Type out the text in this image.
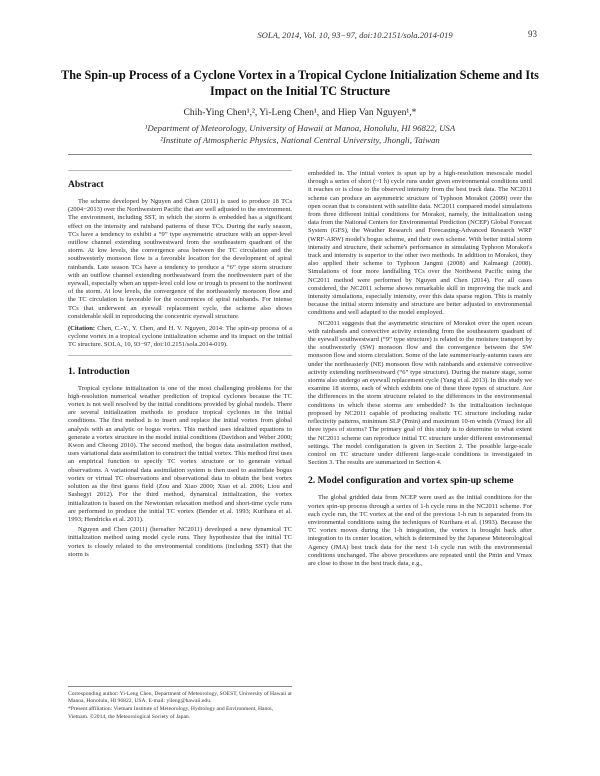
SOLA, 2014, Vol. 10, 93−97, doi:10.2151/sola.2014-019	93
The Spin-up Process of a Cyclone Vortex in a Tropical Cyclone Initialization Scheme and Its Impact on the Initial TC Structure
Chih-Ying Chen¹,², Yi-Leng Chen¹, and Hiep Van Nguyen¹,*
¹Department of Meteorology, University of Hawaii at Manoa, Honolulu, HI 96822, USA
²Institute of Atmospheric Physics, National Central University, Jhongli, Taiwan
Abstract

The scheme developed by Nguyen and Chen (2011) is used to produce 18 TCs (2004−2013) over the Northwestern Pacific that are well adjusted to the environment. The environment, including SST, in which the storm is embedded has a significant effect on the intensity and rainband patterns of these TCs. During the early season, TCs have a tendency to exhibit a “9” type asymmetric structure with an upper-level outflow channel extending southwestward from the southeastern quadrant of the storm. At low levels, the convergence area between the TC circulation and the southwesterly monsoon flow is a favorable location for the development of spiral rainbands. Late season TCs have a tendency to produce a “6” type storm structure with an outflow channel extending northeastward from the northwestern part of the eyewall, especially when an upper-level cold low or trough is present to the northwest of the storm. At low levels, the convergence of the northeasterly monsoon flow and the TC circulation is favorable for the occurrences of spiral rainbands. For intense TCs that underwent an eyewall replacement cycle, the scheme also shows considerable skill in reproducing the concentric eyewall structure.

(Citation: Chen, C.-Y., Y. Chen, and H. V. Nguyen, 2014: The spin-up process of a cyclone vortex in a tropical cyclone initialization scheme and its impact on the initial TC structure. SOLA, 10, 93−97, doi:10.2151/sola.2014-019).

1. Introduction

Tropical cyclone initialization is one of the most challenging problems for the high-resolution numerical weather prediction of tropical cyclones because the TC vortex is not well resolved by the initial conditions provided by global models. There are several initialization methods to produce tropical cyclones in the initial conditions. The first method is to insert and replace the initial vortex from global analysis with an analytic or bogus vortex. This method uses idealized equations to generate a vortex structure in the model initial conditions (Davidson and Weber 2000; Kwon and Cheong 2010). The second method, the bogus data assimilation method, uses variational data assimilation to construct the initial vortex. This method first uses an empirical function to specify TC vortex structure or to generate virtual observations. A variational data assimilation system is then used to assimilate bogus vortex or virtual TC observations and observational data to obtain the best vortex solution as the first guess field (Zou and Xiao 2000; Xiao et al. 2006; Liou and Sashegyi 2012). For the third method, dynamical initialization, the vortex initialization is based on the Newtonian relaxation method and short-time cycle runs are performed to produce the initial TC vortex (Bender et al. 1993; Kurihara et al. 1993; Hendricks et al. 2011).

Nguyen and Chen (2011) (hereafter NC2011) developed a new dynamical TC initialization method using model cycle runs. They hypothesize that the initial TC vortex is closely related to the environmental conditions (including SST) that the storm is

Corresponding author: Yi-Leng Chen, Department of Meteorology, SOEST, University of Hawaii at Manoa, Honolulu, HI 96822, USA. E-mail: yileng@hawaii.edu.

*Present affiliation: Vietnam Institute of Meteorology, Hydrology and Environment, Hanoi, Vietnam. ©2014, the Meteorological Society of Japan.

embedded in. The initial vortex is spun up by a high-resolution mesoscale model through a series of short (~1 h) cycle runs under given environmental conditions until it reaches or is close to the observed intensity from the best track data. The NC2011 scheme can produce an asymmetric structure of Typhoon Morakot (2009) over the open ocean that is consistent with satellite data. NC2011 compared model simulations from three different initial conditions for Morakot, namely, the initialization using data from the National Centers for Environmental Prediction (NCEP) Global Forecast System (GFS), the Weather Research and Forecasting-Advanced Research WRF (WRF-ARW) model's bogus scheme, and their own scheme. With better initial storm intensity and structure, their scheme's performance in simulating Typhoon Morakot's track and intensity is superior to the other two methods. In addition to Morakot, they also applied their scheme to Typhoon Jangmi (2008) and Kalmaegi (2008). Simulations of four more landfalling TCs over the Northwest Pacific using the NC2011 method were performed by Nguyen and Chen (2014). For all cases considered, the NC2011 scheme shows remarkable skill in improving the track and intensity simulations, especially intensity, over this data sparse region. This is mainly because the initial storm intensity and structure are better adjusted to environmental conditions and well adapted to the model employed.

NC2011 suggests that the asymmetric structure of Morakot over the open ocean with rainbands and convective activity extending from the southeastern quadrant of the eyewall southwestward (“9” type structure) is related to the moisture transport by the southwesterly (SW) monsoon flow and the convergence between the SW monsoon flow and storm circulation. Some of the late summer/early-autumn cases are under the northeasterly (NE) monsoon flow with rainbands and extensive convective activity extending northwestward (“6” type structure). During the mature stage, some storms also undergo an eyewall replacement cycle (Yang et al. 2013). In this study we examine 18 storms, each of which exhibits one of these three types of structure. Are the differences in the storm structure related to the differences in the environmental conditions in which these storms are embedded? Is the initialization technique proposed by NC2011 capable of producing realistic TC structure including radar reflectivity patterns, minimum SLP (Pmin) and maximum 10-m winds (Vmax) for all three types of storms? The primary goal of this study is to determine to what extent the NC2011 scheme can reproduce initial TC structure under different environmental settings. The model configuration is given in Section 2. The possible large-scale control on TC structure under different large-scale conditions is investigated in Section 3. The results are summarized in Section 4.

2. Model configuration and vortex spin-up scheme

The global gridded data from NCEP were used as the initial conditions for the vortex spin-up process through a series of 1-h cycle runs in the NC2011 scheme. For each cycle run, the TC vortex at the end of the previous 1-h run is separated from its environmental conditions using the techniques of Kurihara et al. (1993). Because the TC vortex moves during the 1-h integration, the vortex is brought back after integration to its center location, which is determined by the Japanese Meteorological Agency (JMA) best track data for the next 1-h cycle run with the environmental conditions unchanged. The above procedures are repeated until the Pmin and Vmax are close to those in the best track data, e.g.,
